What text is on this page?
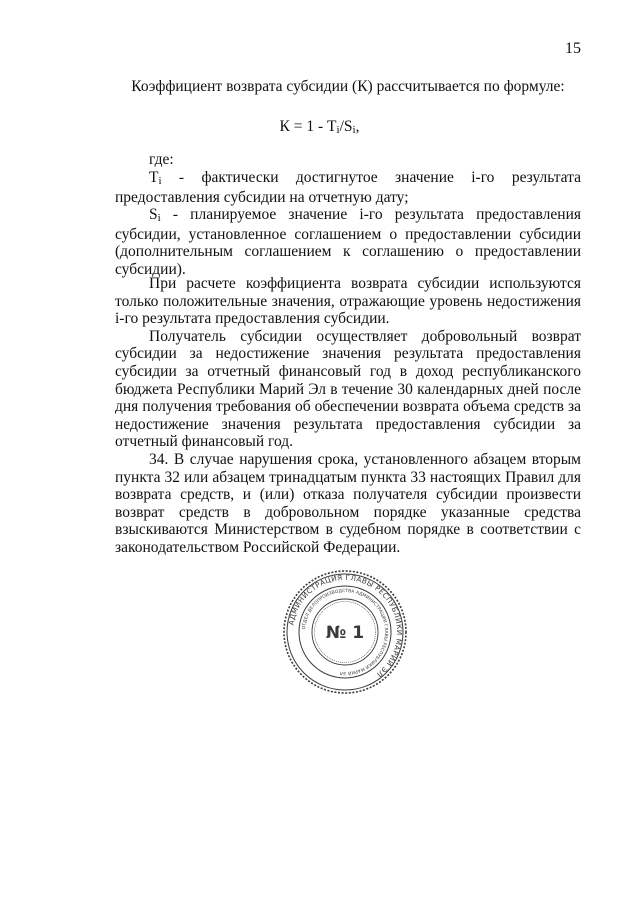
15

Коэффициент возврата субсидии (К) рассчитывается по формуле:

$К = 1 - T_i/S_i$,
где:

$T_i$ - фактически достигнутое значение i-го результата предоставления субсидии на отчетную дату;

$S_i$ - планируемое значение i-го результата предоставления субсидии, установленное соглашением о предоставлении субсидии (дополнительным соглашением к соглашению о предоставлении субсидии).

При расчете коэффициента возврата субсидии используются только положительные значения, отражающие уровень недостижения i-го результата предоставления субсидии.

Получатель субсидии осуществляет добровольный возврат субсидии за недостижение значения результата предоставления субсидии за отчетный финансовый год в доход республиканского бюджета Республики Марий Эл в течение 30 календарных дней после дня получения требования об обеспечении возврата объема средств за недостижение значения результата предоставления субсидии за отчетный финансовый год.

34. В случае нарушения срока, установленного абзацем вторым пункта 32 или абзацем тринадцатым пункта 33 настоящих Правил для возврата средств, и (или) отказа получателя субсидии произвести возврат средств в добровольном порядке указанные средства взыскиваются Министерством в судебном порядке в соответствии с законодательством Российской Федерации.

АДМИНИСТРАЦИЯ ГЛАВЫ РЕСПУБЛИКИ МАРИЙ ЭЛ
ОТДЕЛ ДЕЛОПРОИЗВОДСТВА АДМИНИСТРАЦИИ ГЛАВЫ РЕСПУБЛИКИ МАРИЙ ЭЛ
№ 1
